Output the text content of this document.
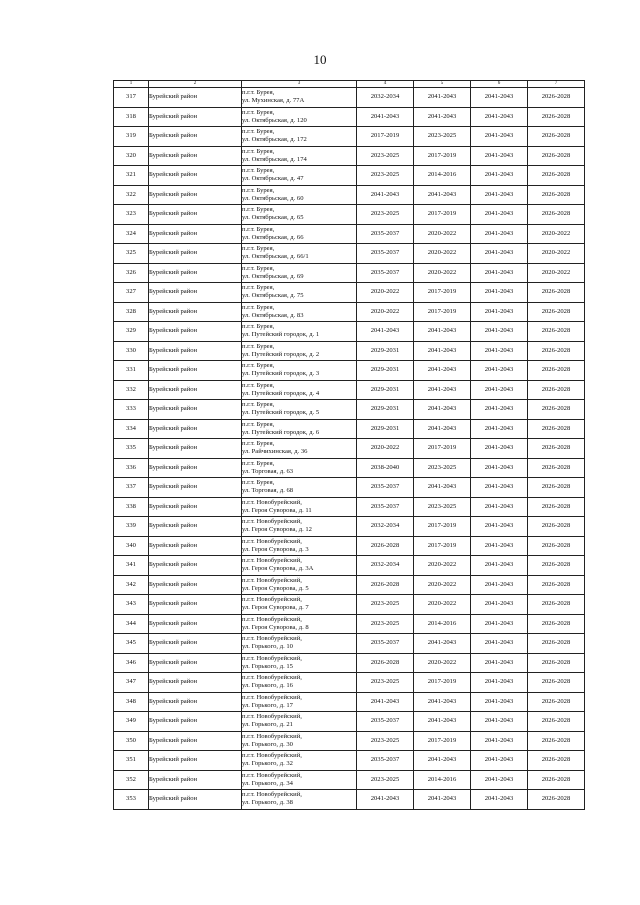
10
1	2	3	4	5	6	7
317	Бурейский район	п.г.т. Бурея,
ул. Мухинская, д. 77А	2032-2034	2041-2043	2041-2043	2026-2028
318	Бурейский район	п.г.т. Бурея,
ул. Октябрьская, д. 120	2041-2043	2041-2043	2041-2043	2026-2028
319	Бурейский район	п.г.т. Бурея,
ул. Октябрьская, д. 172	2017-2019	2023-2025	2041-2043	2026-2028
320	Бурейский район	п.г.т. Бурея,
ул. Октябрьская, д. 174	2023-2025	2017-2019	2041-2043	2026-2028
321	Бурейский район	п.г.т. Бурея,
ул. Октябрьская, д. 47	2023-2025	2014-2016	2041-2043	2026-2028
322	Бурейский район	п.г.т. Бурея,
ул. Октябрьская, д. 60	2041-2043	2041-2043	2041-2043	2026-2028
323	Бурейский район	п.г.т. Бурея,
ул. Октябрьская, д. 65	2023-2025	2017-2019	2041-2043	2026-2028
324	Бурейский район	п.г.т. Бурея,
ул. Октябрьская, д. 66	2035-2037	2020-2022	2041-2043	2020-2022
325	Бурейский район	п.г.т. Бурея,
ул. Октябрьская, д. 66/1	2035-2037	2020-2022	2041-2043	2020-2022
326	Бурейский район	п.г.т. Бурея,
ул. Октябрьская, д. 69	2035-2037	2020-2022	2041-2043	2020-2022
327	Бурейский район	п.г.т. Бурея,
ул. Октябрьская, д. 75	2020-2022	2017-2019	2041-2043	2026-2028
328	Бурейский район	п.г.т. Бурея,
ул. Октябрьская, д. 83	2020-2022	2017-2019	2041-2043	2026-2028
329	Бурейский район	п.г.т. Бурея,
ул. Путейский городок, д. 1	2041-2043	2041-2043	2041-2043	2026-2028
330	Бурейский район	п.г.т. Бурея,
ул. Путейский городок, д. 2	2029-2031	2041-2043	2041-2043	2026-2028
331	Бурейский район	п.г.т. Бурея,
ул. Путейский городок, д. 3	2029-2031	2041-2043	2041-2043	2026-2028
332	Бурейский район	п.г.т. Бурея,
ул. Путейский городок, д. 4	2029-2031	2041-2043	2041-2043	2026-2028
333	Бурейский район	п.г.т. Бурея,
ул. Путейский городок, д. 5	2029-2031	2041-2043	2041-2043	2026-2028
334	Бурейский район	п.г.т. Бурея,
ул. Путейский городок, д. 6	2029-2031	2041-2043	2041-2043	2026-2028
335	Бурейский район	п.г.т. Бурея,
ул. Райчихинская, д. 36	2020-2022	2017-2019	2041-2043	2026-2028
336	Бурейский район	п.г.т. Бурея,
ул. Торговая, д. 63	2038-2040	2023-2025	2041-2043	2026-2028
337	Бурейский район	п.г.т. Бурея,
ул. Торговая, д. 68	2035-2037	2041-2043	2041-2043	2026-2028
338	Бурейский район	п.г.т. Новобурейский,
ул. Героя Суворова, д. 11	2035-2037	2023-2025	2041-2043	2026-2028
339	Бурейский район	п.г.т. Новобурейский,
ул. Героя Суворова, д. 12	2032-2034	2017-2019	2041-2043	2026-2028
340	Бурейский район	п.г.т. Новобурейский,
ул. Героя Суворова, д. 3	2026-2028	2017-2019	2041-2043	2026-2028
341	Бурейский район	п.г.т. Новобурейский,
ул. Героя Суворова, д. 3А	2032-2034	2020-2022	2041-2043	2026-2028
342	Бурейский район	п.г.т. Новобурейский,
ул. Героя Суворова, д. 5	2026-2028	2020-2022	2041-2043	2026-2028
343	Бурейский район	п.г.т. Новобурейский,
ул. Героя Суворова, д. 7	2023-2025	2020-2022	2041-2043	2026-2028
344	Бурейский район	п.г.т. Новобурейский,
ул. Героя Суворова, д. 8	2023-2025	2014-2016	2041-2043	2026-2028
345	Бурейский район	п.г.т. Новобурейский,
ул. Горького, д. 10	2035-2037	2041-2043	2041-2043	2026-2028
346	Бурейский район	п.г.т. Новобурейский,
ул. Горького, д. 15	2026-2028	2020-2022	2041-2043	2026-2028
347	Бурейский район	п.г.т. Новобурейский,
ул. Горького, д. 16	2023-2025	2017-2019	2041-2043	2026-2028
348	Бурейский район	п.г.т. Новобурейский,
ул. Горького, д. 17	2041-2043	2041-2043	2041-2043	2026-2028
349	Бурейский район	п.г.т. Новобурейский,
ул. Горького, д. 21	2035-2037	2041-2043	2041-2043	2026-2028
350	Бурейский район	п.г.т. Новобурейский,
ул. Горького, д. 30	2023-2025	2017-2019	2041-2043	2026-2028
351	Бурейский район	п.г.т. Новобурейский,
ул. Горького, д. 32	2035-2037	2041-2043	2041-2043	2026-2028
352	Бурейский район	п.г.т. Новобурейский,
ул. Горького, д. 34	2023-2025	2014-2016	2041-2043	2026-2028
353	Бурейский район	п.г.т. Новобурейский,
ул. Горького, д. 38	2041-2043	2041-2043	2041-2043	2026-2028
